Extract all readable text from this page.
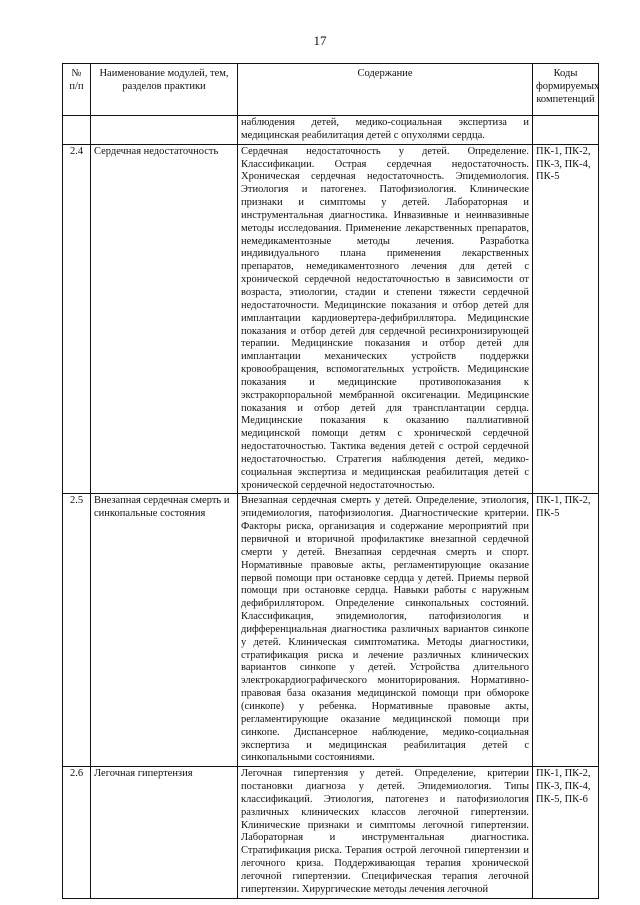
17
№ п/п	Наименование модулей, тем, разделов практики	Содержание	Коды формируемых компетенций
		наблюдения детей, медико-социальная экспертиза и медицинская реабилитация детей с опухолями сердца.	
2.4	Сердечная недостаточность	Сердечная недостаточность у детей. Определение. Классификации. Острая сердечная недостаточность. Хроническая сердечная недостаточность. Эпидемиология. Этиология и патогенез. Патофизиология. Клинические признаки и симптомы у детей. Лабораторная и инструментальная диагностика. Инвазивные и неинвазивные методы исследования. Применение лекарственных препаратов, немедикаментозные методы лечения. Разработка индивидуального плана применения лекарственных препаратов, немедикаментозного лечения для детей с хронической сердечной недостаточностью в зависимости от возраста, этиологии, стадии и степени тяжести сердечной недостаточности. Медицинские показания и отбор детей для имплантации кардиовертера-дефибриллятора. Медицинские показания и отбор детей для сердечной ресинхронизирующей терапии. Медицинские показания и отбор детей для имплантации механических устройств поддержки кровообращения, вспомогательных устройств. Медицинские показания и медицинские противопоказания к экстракорпоральной мембранной оксигенации. Медицинские показания и отбор детей для трансплантации сердца. Медицинские показания к оказанию паллиативной медицинской помощи детям с хронической сердечной недостаточностью. Тактика ведения детей с острой сердечной недостаточностью. Стратегия наблюдения детей, медико-социальная экспертиза и медицинская реабилитация детей с хронической сердечной недостаточностью.	ПК-1, ПК-2, ПК-3, ПК-4, ПК-5
2.5	Внезапная сердечная смерть и синкопальные состояния	Внезапная сердечная смерть у детей. Определение, этиология, эпидемиология, патофизиология. Диагностические критерии. Факторы риска, организация и содержание мероприятий при первичной и вторичной профилактике внезапной сердечной смерти у детей. Внезапная сердечная смерть и спорт. Нормативные правовые акты, регламентирующие оказание первой помощи при остановке сердца у детей. Приемы первой помощи при остановке сердца. Навыки работы с наружным дефибриллятором. Определение синкопальных состояний. Классификация, эпидемиология, патофизиология и дифференциальная диагностика различных вариантов синкопе у детей. Клиническая симптоматика. Методы диагностики, стратификация риска и лечение различных клинических вариантов синкопе у детей. Устройства длительного электрокардиографического мониторирования. Нормативно-правовая база оказания медицинской помощи при обмороке (синкопе) у ребенка. Нормативные правовые акты, регламентирующие оказание медицинской помощи при синкопе. Диспансерное наблюдение, медико-социальная экспертиза и медицинская реабилитация детей с синкопальными состояниями.	ПК-1, ПК-2, ПК-5
2.6	Легочная гипертензия	Легочная гипертензия у детей. Определение, критерии постановки диагноза у детей. Эпидемиология. Типы классификаций. Этиология, патогенез и патофизиология различных клинических классов легочной гипертензии. Клинические признаки и симптомы легочной гипертензии. Лабораторная и инструментальная диагностика. Стратификация риска. Терапия острой легочной гипертензии и легочного криза. Поддерживающая терапия хронической легочной гипертензии. Специфическая терапия легочной гипертензии. Хирургические методы лечения легочной	ПК-1, ПК-2, ПК-3, ПК-4, ПК-5, ПК-6
